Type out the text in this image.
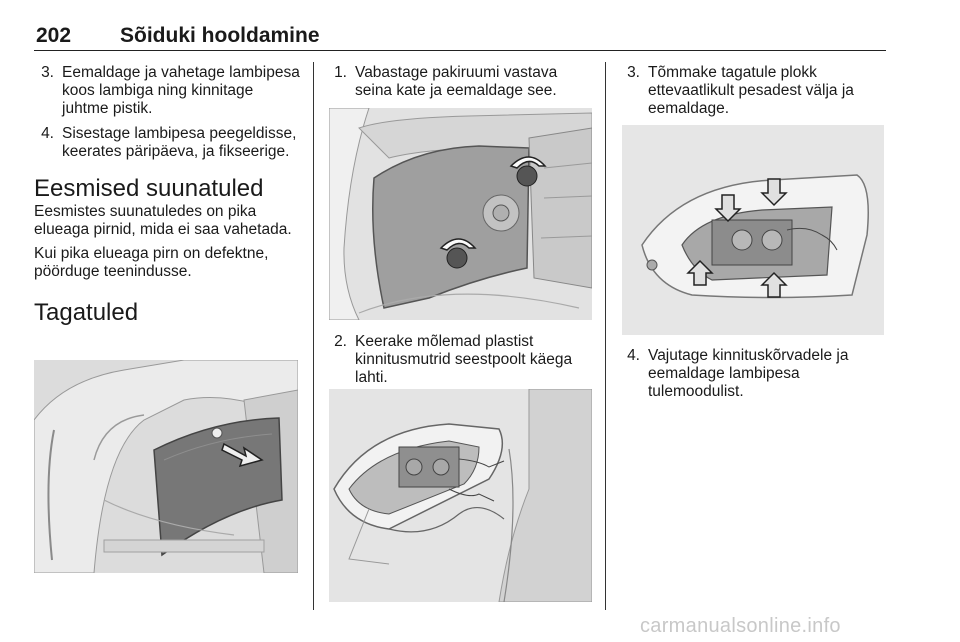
202 Sõiduki hooldamine
3. Eemaldage ja vahetage lambipesa koos lambiga ning kinnitage juhtme pistik.
4. Sisestage lambipesa peegeldisse, keerates päripäeva, ja fikseerige.
Eesmised suunatuled

Eesmistes suunatuledes on pika elueaga pirnid, mida ei saa vahetada.

Kui pika elueaga pirn on defektne, pöörduge teenindusse.

Tagatuled
1. Vabastage pakiruumi vastava seina kate ja eemaldage see.
2. Keerake mõlemad plastist kinnitusmutrid seestpoolt käega lahti.
3. Tõmmake tagatule plokk ettevaatlikult pesadest välja ja eemaldage.
4. Vajutage kinnituskõrvadele ja eemaldage lambipesa tulemoodulist.
carmanualsonline.info
